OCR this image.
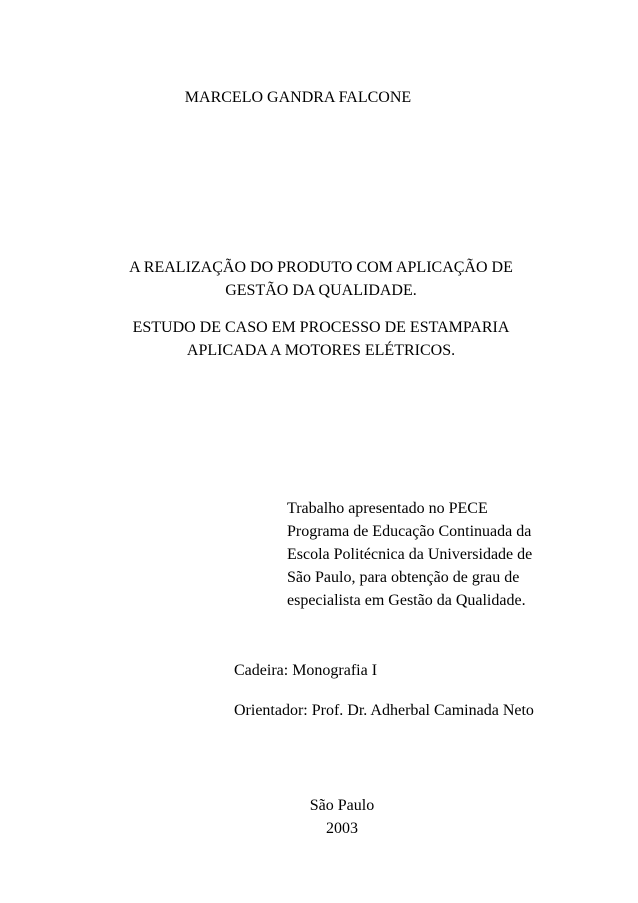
MARCELO GANDRA FALCONE
A REALIZAÇÃO DO PRODUTO COM APLICAÇÃO DE
GESTÃO DA QUALIDADE.
ESTUDO DE CASO EM PROCESSO DE ESTAMPARIA
APLICADA A MOTORES ELÉTRICOS.
Trabalho apresentado no PECE
Programa de Educação Continuada da
Escola Politécnica da Universidade de
São Paulo, para obtenção de grau de
especialista em Gestão da Qualidade.
Cadeira: Monografia I
Orientador: Prof. Dr. Adherbal Caminada Neto
São Paulo
2003
